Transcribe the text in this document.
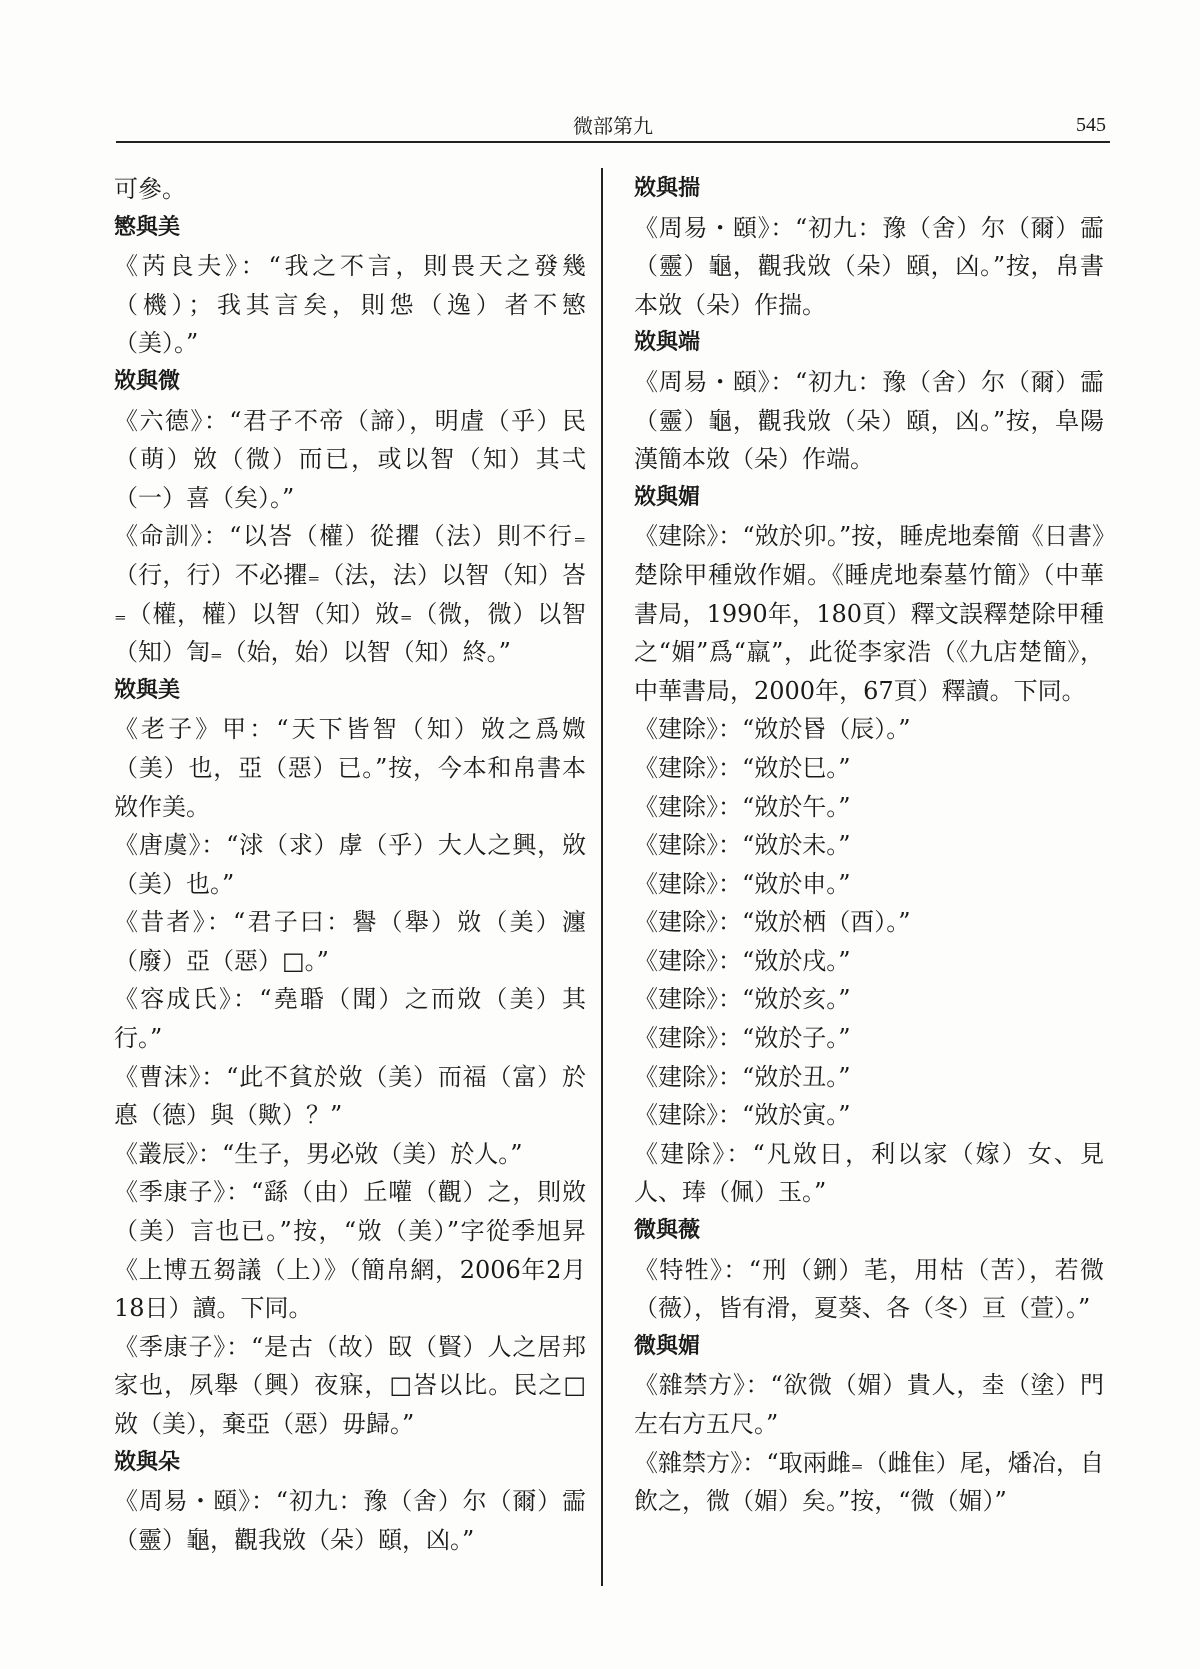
微部第九	545

可參。

慜與美

《芮良夫》：“我之不言，則畏天之發幾（機）；我其言矣，則怹（逸）者不慜（美）。”

敚與微

《六德》：“君子不帝（諦），明虘（乎）民（萌）敚（微）而已，或以智（知）其弌（一）喜（矣）。”

《命訓》：“以峇（權）從㩴（法）則不行₌（行，行）不必㩴₌（法，法）以智（知）峇₌（權，權）以智（知）敚₌（微，微）以智（知）訇₌（始，始）以智（知）終。”

敚與美

《老子》甲：“天下皆智（知）敚之爲媺（美）也，亞（惡）已。”按，今本和帛書本敚作美。

《唐虞》：“浗（求）虖（乎）大人之興，敚（美）也。”

《昔者》：“君子曰：譽（舉）敚（美）瀍（廢）亞（惡）□。”

《容成氏》：“堯䎽（聞）之而敚（美）其行。”

《曹沫》：“此不貧於敚（美）而福（富）於悳（德）與（歟）？”

《叢辰》：“生子，男必敚（美）於人。”

《季康子》：“繇（由）丘嚾（觀）之，則敚（美）言也已。”按，“敚（美）”字從季旭昇《上博五芻議（上）》（簡帛網，2006年2月18日）讀。下同。

《季康子》：“是古（故）臤（賢）人之居邦家也，夙舉（興）夜寐，□峇以比。民之□敚（美），棄亞（惡）毋歸。”

敚與朵

《周易・頤》：“初九：豫（舍）尔（爾）霝（靈）龜，觀我敚（朵）頤，凶。”

敚與揣

《周易・頤》：“初九：豫（舍）尔（爾）霝（靈）龜，觀我敚（朵）頤，凶。”按，帛書本敚（朵）作揣。

敚與端

《周易・頤》：“初九：豫（舍）尔（爾）霝（靈）龜，觀我敚（朵）頤，凶。”按，阜陽漢簡本敚（朵）作端。

敚與媚

《建除》：“敚於卯。”按，睡虎地秦簡《日書》楚除甲種敚作媚。《睡虎地秦墓竹簡》（中華書局，1990年，180頁）釋文誤釋楚除甲種之“媚”爲“羸”，此從李家浩（《九店楚簡》，中華書局，2000年，67頁）釋讀。下同。

《建除》：“敚於昬（辰）。”

《建除》：“敚於巳。”

《建除》：“敚於午。”

《建除》：“敚於未。”

《建除》：“敚於申。”

《建除》：“敚於栖（酉）。”

《建除》：“敚於戌。”

《建除》：“敚於亥。”

《建除》：“敚於子。”

《建除》：“敚於丑。”

《建除》：“敚於寅。”

《建除》：“凡敚日，利以家（嫁）女、見人、琫（佩）玉。”

微與薇

《特牲》：“刑（鉶）芼，用枯（苦），若微（薇），皆有滑，夏葵、各（冬）亘（萱）。”

微與媚

《雜禁方》：“欲微（媚）貴人，坴（塗）門左右方五尺。”

《雜禁方》：“取兩雌₌（雌隹）尾，燔冶，自飲之，微（媚）矣。”按，“微（媚）”
